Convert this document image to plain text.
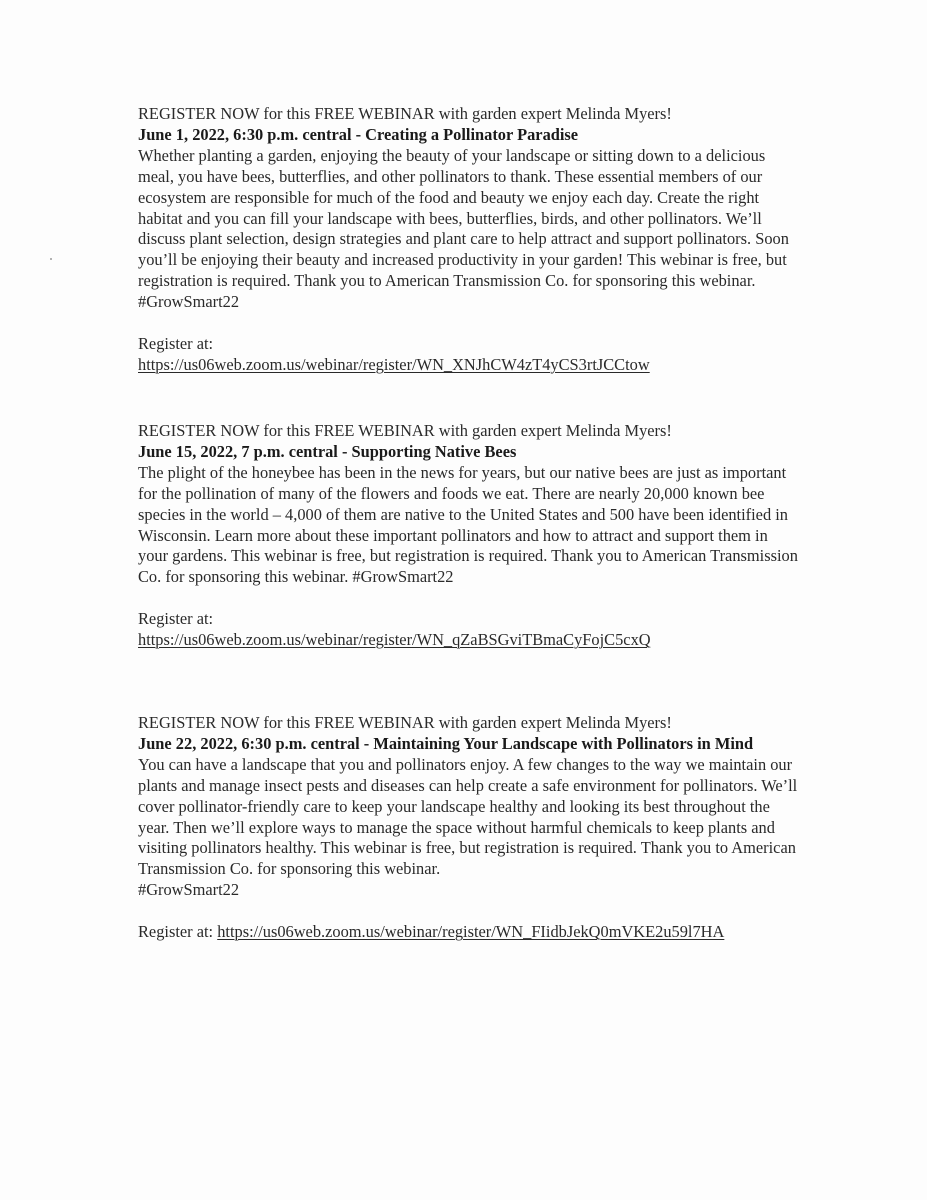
REGISTER NOW for this FREE WEBINAR with garden expert Melinda Myers!

June 1, 2022, 6:30 p.m. central - Creating a Pollinator Paradise

Whether planting a garden, enjoying the beauty of your landscape or sitting down to a delicious meal, you have bees, butterflies, and other pollinators to thank. These essential members of our ecosystem are responsible for much of the food and beauty we enjoy each day. Create the right habitat and you can fill your landscape with bees, butterflies, birds, and other pollinators. We’ll discuss plant selection, design strategies and plant care to help attract and support pollinators. Soon you’ll be enjoying their beauty and increased productivity in your garden! This webinar is free, but registration is required. Thank you to American Transmission Co. for sponsoring this webinar. #GrowSmart22

Register at:

https://us06web.zoom.us/webinar/register/WN_XNJhCW4zT4yCS3rtJCCtow

REGISTER NOW for this FREE WEBINAR with garden expert Melinda Myers!

June 15, 2022, 7 p.m. central - Supporting Native Bees

The plight of the honeybee has been in the news for years, but our native bees are just as important for the pollination of many of the flowers and foods we eat. There are nearly 20,000 known bee species in the world – 4,000 of them are native to the United States and 500 have been identified in Wisconsin. Learn more about these important pollinators and how to attract and support them in your gardens. This webinar is free, but registration is required. Thank you to American Transmission Co. for sponsoring this webinar. #GrowSmart22

Register at:

https://us06web.zoom.us/webinar/register/WN_qZaBSGviTBmaCyFojC5cxQ

REGISTER NOW for this FREE WEBINAR with garden expert Melinda Myers!

June 22, 2022, 6:30 p.m. central - Maintaining Your Landscape with Pollinators in Mind

You can have a landscape that you and pollinators enjoy. A few changes to the way we maintain our plants and manage insect pests and diseases can help create a safe environment for pollinators. We’ll cover pollinator-friendly care to keep your landscape healthy and looking its best throughout the year. Then we’ll explore ways to manage the space without harmful chemicals to keep plants and visiting pollinators healthy. This webinar is free, but registration is required. Thank you to American Transmission Co. for sponsoring this webinar.

#GrowSmart22

Register at: https://us06web.zoom.us/webinar/register/WN_FIidbJekQ0mVKE2u59l7HA
